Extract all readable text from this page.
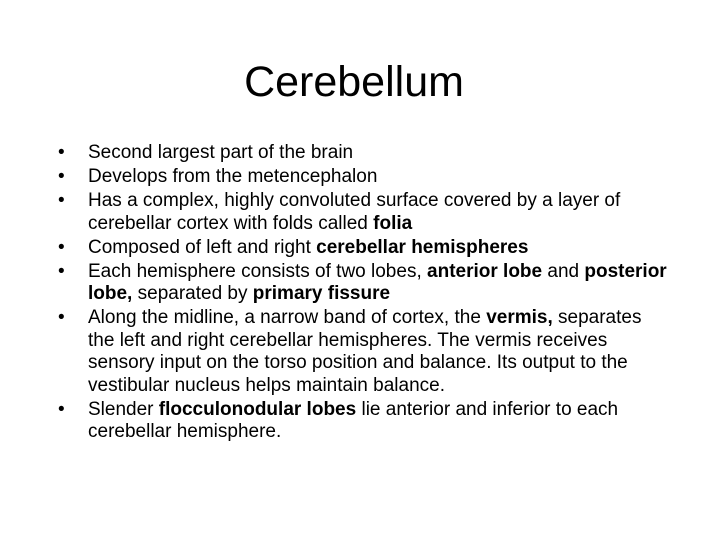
Cerebellum
•	Second largest part of the brain
•	Develops from the metencephalon
•	Has a complex, highly convoluted surface covered by a layer of cerebellar cortex with folds called folia
•	Composed of left and right cerebellar hemispheres
•	Each hemisphere consists of two lobes, anterior lobe and posterior lobe, separated by primary fissure
•	Along the midline, a narrow band of cortex, the vermis, separates the left and right cerebellar hemispheres. The vermis receives sensory input on the torso position and balance. Its output to the vestibular nucleus helps maintain balance.
•	Slender flocculonodular lobes lie anterior and inferior to each cerebellar hemisphere.
